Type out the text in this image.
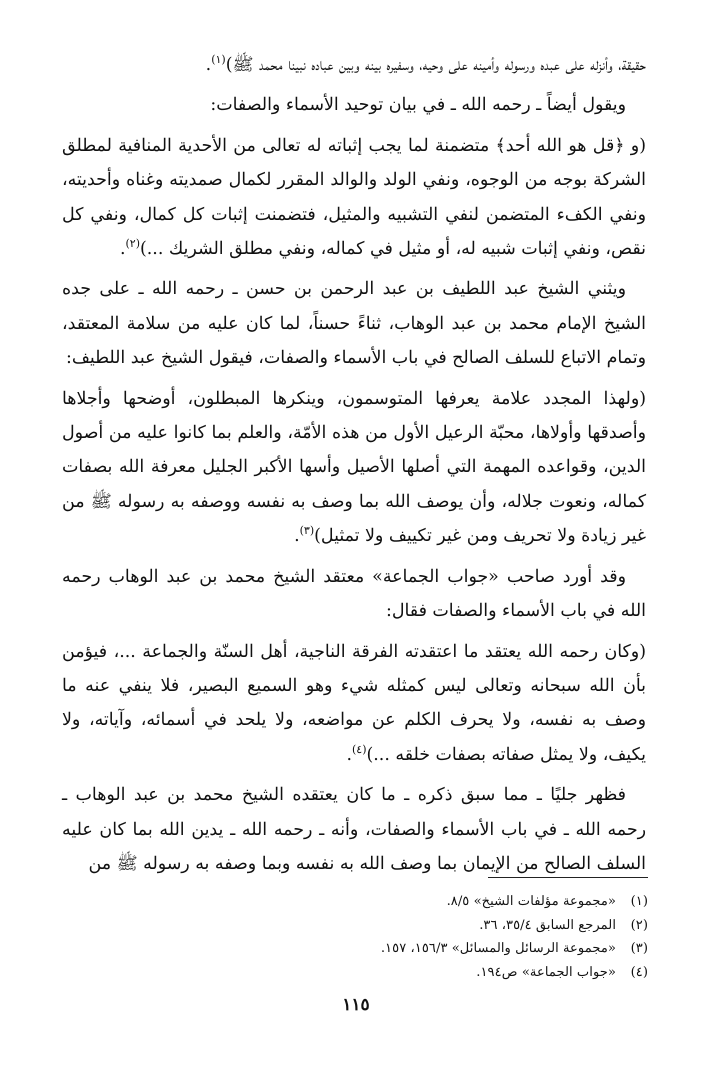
حقيقة، وأنزله على عبده ورسوله وأمينه على وحيه، وسفيره بينه وبين عباده نبينا محمد ﷺ)$^{(١)}$.

ويقول أيضاً ـ رحمه الله ـ في بيان توحيد الأسماء والصفات:

(و ﴿قل هو الله أحد﴾ متضمنة لما يجب إثباته له تعالى من الأحدية المنافية لمطلق الشركة بوجه من الوجوه، ونفي الولد والوالد المقرر لكمال صمديته وغناه وأحديته، ونفي الكفء المتضمن لنفي التشبيه والمثيل، فتضمنت إثبات كل كمال، ونفي كل نقص، ونفي إثبات شبيه له، أو مثيل في كماله، ونفي مطلق الشريك ...)$^{(٢)}$.

ويثني الشيخ عبد اللطيف بن عبد الرحمن بن حسن ـ رحمه الله ـ على جده الشيخ الإمام محمد بن عبد الوهاب، ثناءً حسناً، لما كان عليه من سلامة المعتقد، وتمام الاتباع للسلف الصالح في باب الأسماء والصفات، فيقول الشيخ عبد اللطيف:

(ولهذا المجدد علامة يعرفها المتوسمون، وينكرها المبطلون، أوضحها وأجلاها وأصدقها وأولاها، محبّة الرعيل الأول من هذه الأمّة، والعلم بما كانوا عليه من أصول الدين، وقواعده المهمة التي أصلها الأصيل وأسها الأكبر الجليل معرفة الله بصفات كماله، ونعوت جلاله، وأن يوصف الله بما وصف به نفسه ووصفه به رسوله ﷺ من غير زيادة ولا تحريف ومن غير تكييف ولا تمثيل)$^{(٣)}$.

وقد أورد صاحب «جواب الجماعة» معتقد الشيخ محمد بن عبد الوهاب رحمه الله في باب الأسماء والصفات فقال:

(وكان رحمه الله يعتقد ما اعتقدته الفرقة الناجية، أهل السنّة والجماعة ...، فيؤمن بأن الله سبحانه وتعالى ليس كمثله شيء وهو السميع البصير، فلا ينفي عنه ما وصف به نفسه، ولا يحرف الكلم عن مواضعه، ولا يلحد في أسمائه، وآياته، ولا يكيف، ولا يمثل صفاته بصفات خلقه ...)$^{(٤)}$.

فظهر جليًا ـ مما سبق ذكره ـ ما كان يعتقده الشيخ محمد بن عبد الوهاب ـ رحمه الله ـ في باب الأسماء والصفات، وأنه ـ رحمه الله ـ يدين الله بما كان عليه السلف الصالح من الإيمان بما وصف الله به نفسه وبما وصفه به رسوله ﷺ من

(١)«مجموعة مؤلفات الشيخ» ٨/٥.
(٢)المرجع السابق ٣٥/٤، ٣٦.
(٣)«مجموعة الرسائل والمسائل» ١٥٦/٣، ١٥٧.
(٤)«جواب الجماعة» ص١٩٤.
١١٥
